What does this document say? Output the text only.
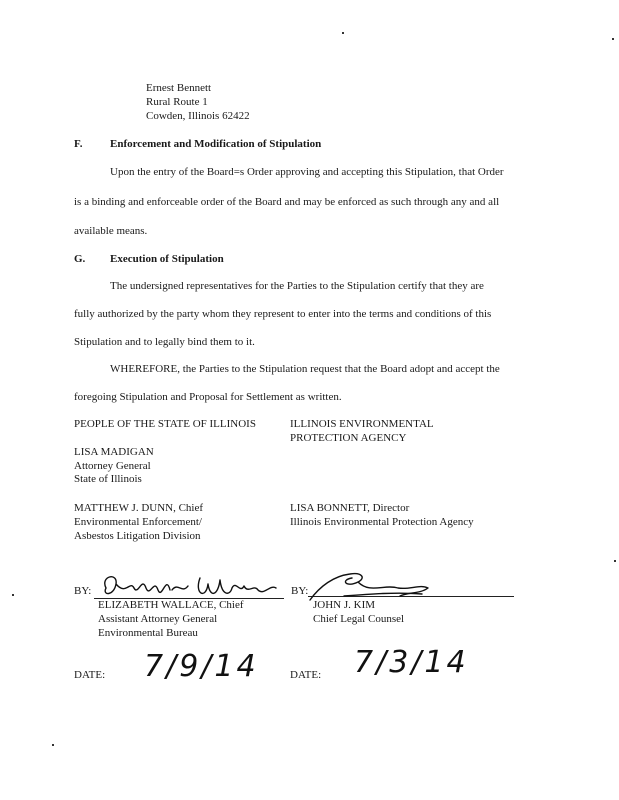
Ernest Bennett
Rural Route 1
Cowden, Illinois 62422
F.	Enforcement and Modification of Stipulation
Upon the entry of the Board=s Order approving and accepting this Stipulation, that Order
is a binding and enforceable order of the Board and may be enforced as such through any and all
available means.
G. Execution of Stipulation
The undersigned representatives for the Parties to the Stipulation certify that they are
fully authorized by the party whom they represent to enter into the terms and conditions of this
Stipulation and to legally bind them to it.
WHEREFORE, the Parties to the Stipulation request that the Board adopt and accept the
foregoing Stipulation and Proposal for Settlement as written.
PEOPLE OF THE STATE OF ILLINOIS
LISA MADIGAN
Attorney General
State of Illinois
MATTHEW J. DUNN, Chief
Environmental Enforcement/
Asbestos Litigation Division
ILLINOIS ENVIRONMENTAL
PROTECTION AGENCY
LISA BONNETT, Director
Illinois Environmental Protection Agency
BY:
ELIZABETH WALLACE, Chief
Assistant Attorney General
Environmental Bureau
BY:
JOHN J. KIM
Chief Legal Counsel
DATE: 7/9/14	DATE: 7/3/14
